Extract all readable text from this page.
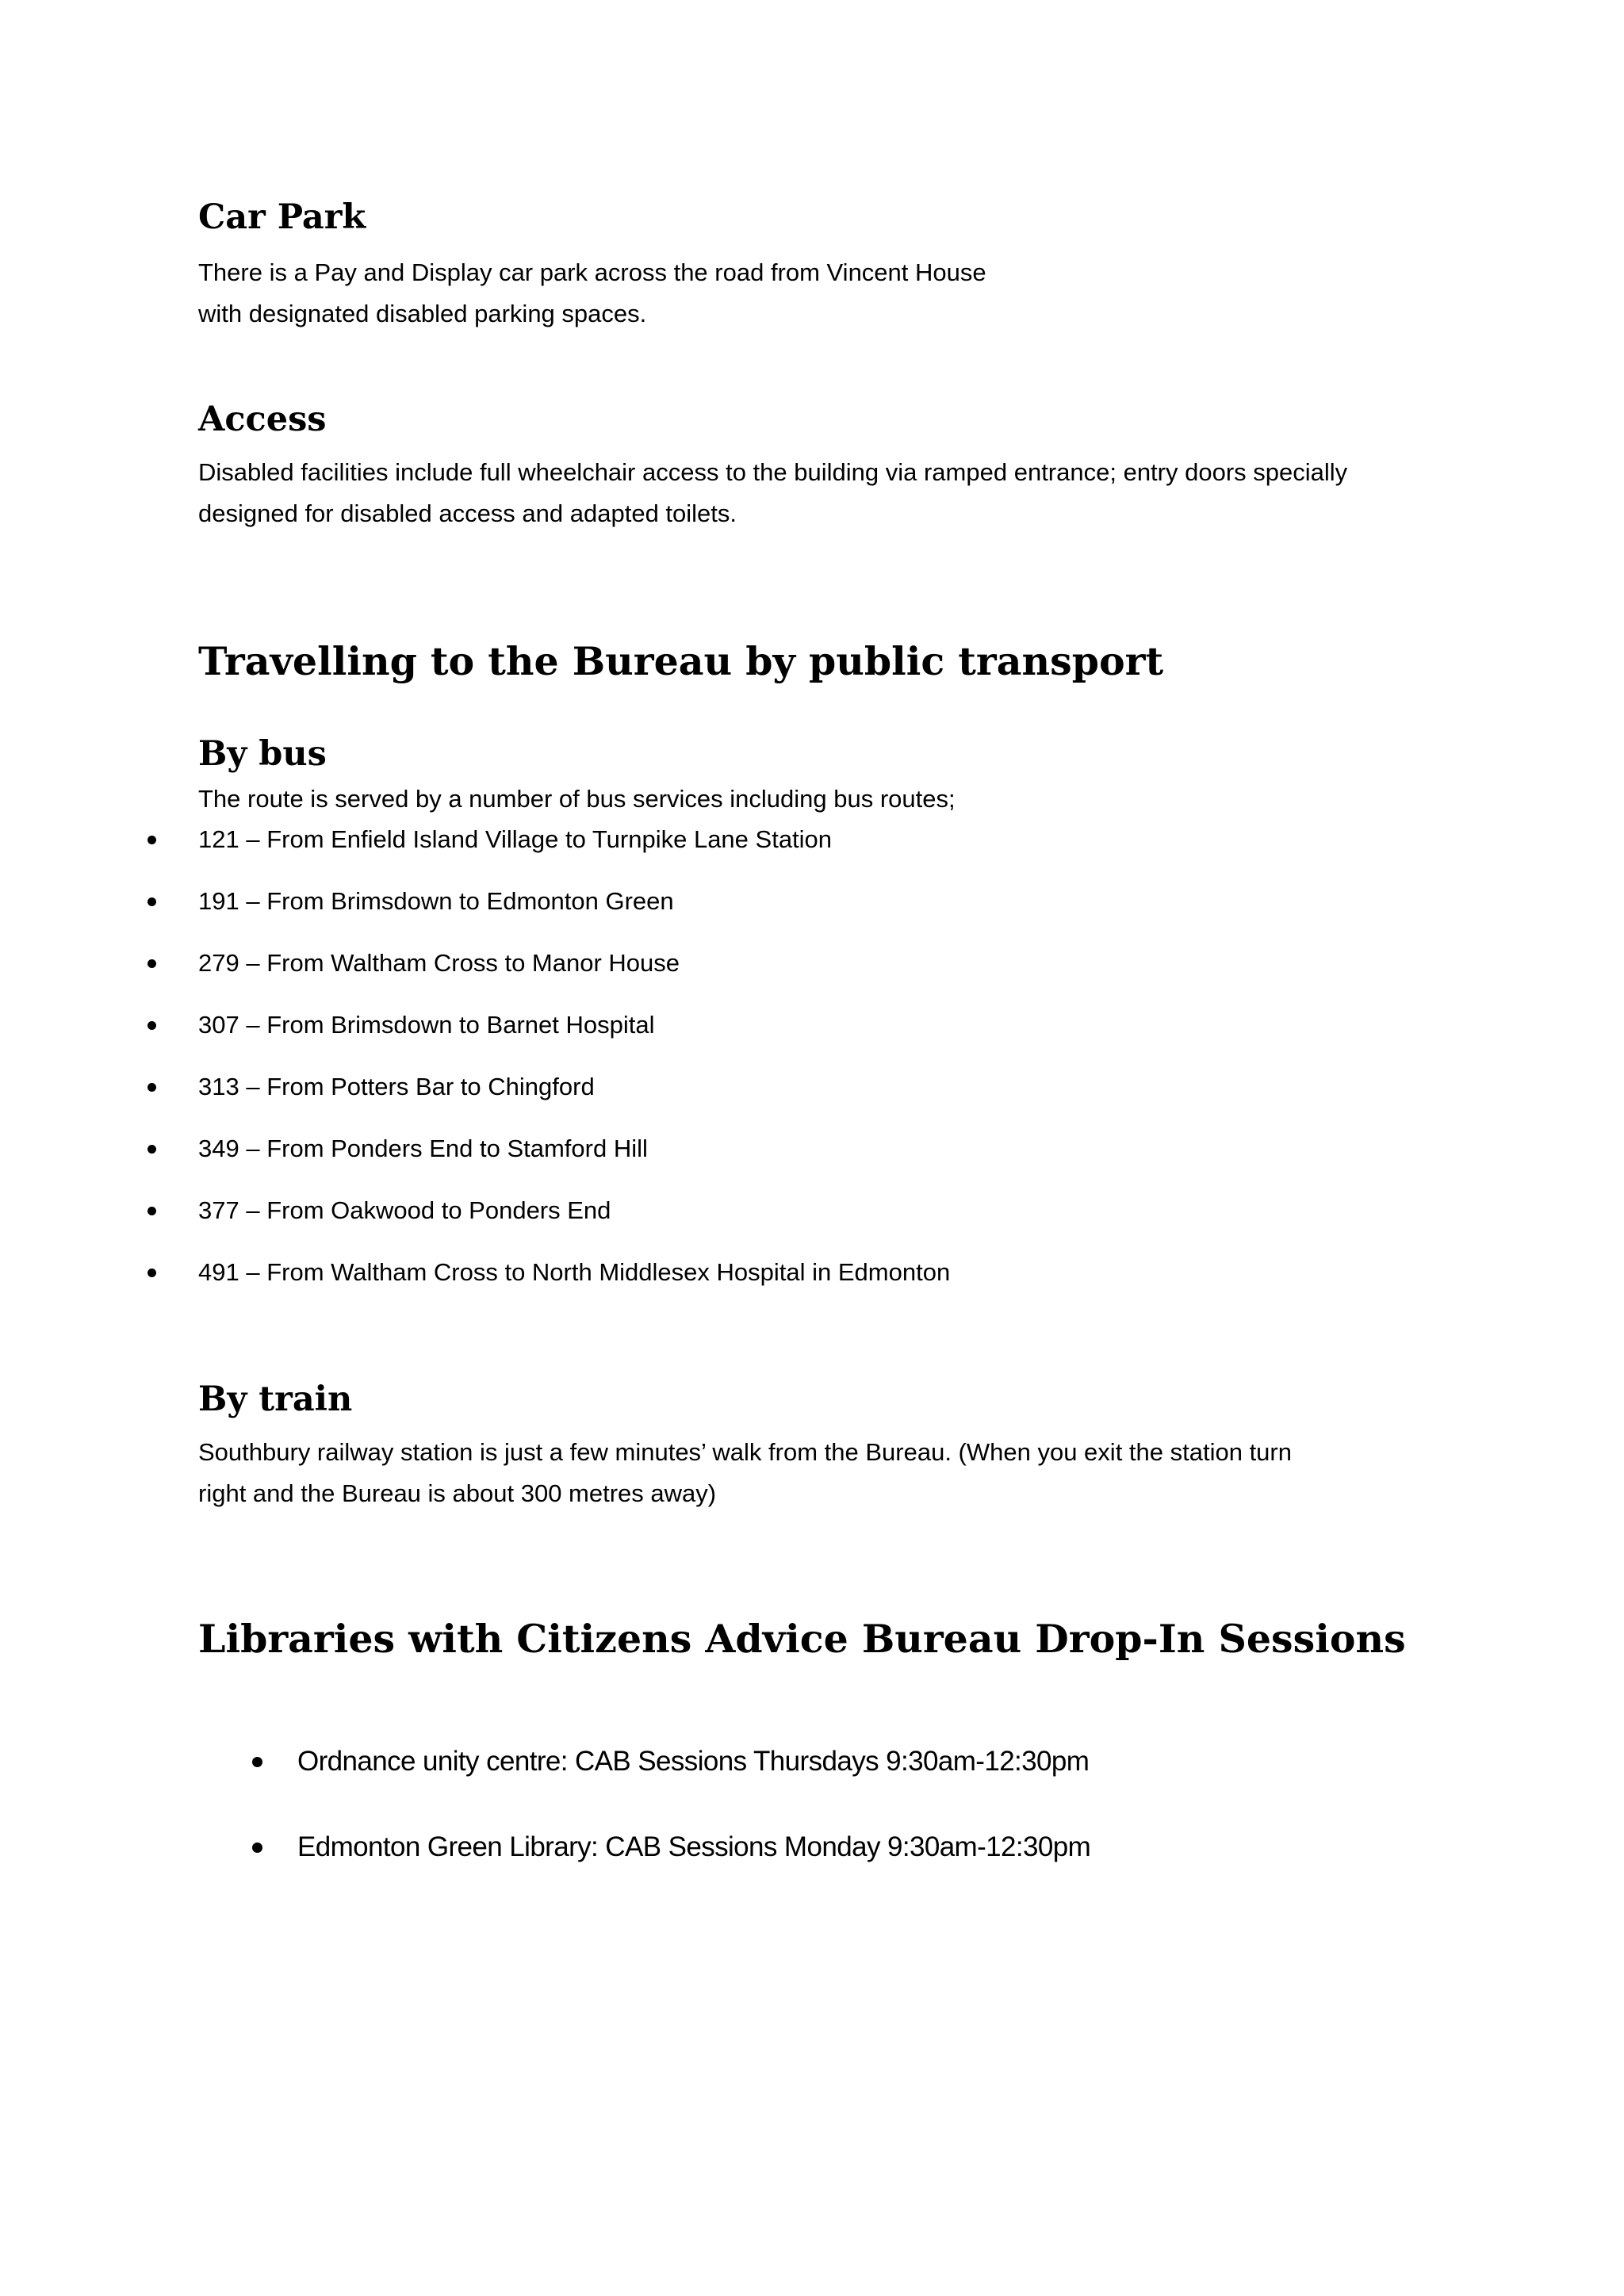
Car Park

There is a Pay and Display car park across the road from Vincent House

with designated disabled parking spaces.

Access

Disabled facilities include full wheelchair access to the building via ramped entrance; entry doors specially

designed for disabled access and adapted toilets.

Travelling to the Bureau by public transport
By bus

The route is served by a number of bus services including bus routes;

121 – From Enfield Island Village to Turnpike Lane Station
191 – From Brimsdown to Edmonton Green
279 – From Waltham Cross to Manor House
307 – From Brimsdown to Barnet Hospital
313 – From Potters Bar to Chingford
349 – From Ponders End to Stamford Hill
377 – From Oakwood to Ponders End
491 – From Waltham Cross to North Middlesex Hospital in Edmonton
By train

Southbury railway station is just a few minutes’ walk from the Bureau. (When you exit the station turn

right and the Bureau is about 300 metres away)

Libraries with Citizens Advice Bureau Drop-In Sessions
Ordnance unity centre: CAB Sessions Thursdays 9:30am-12:30pm
Edmonton Green Library: CAB Sessions Monday 9:30am-12:30pm
